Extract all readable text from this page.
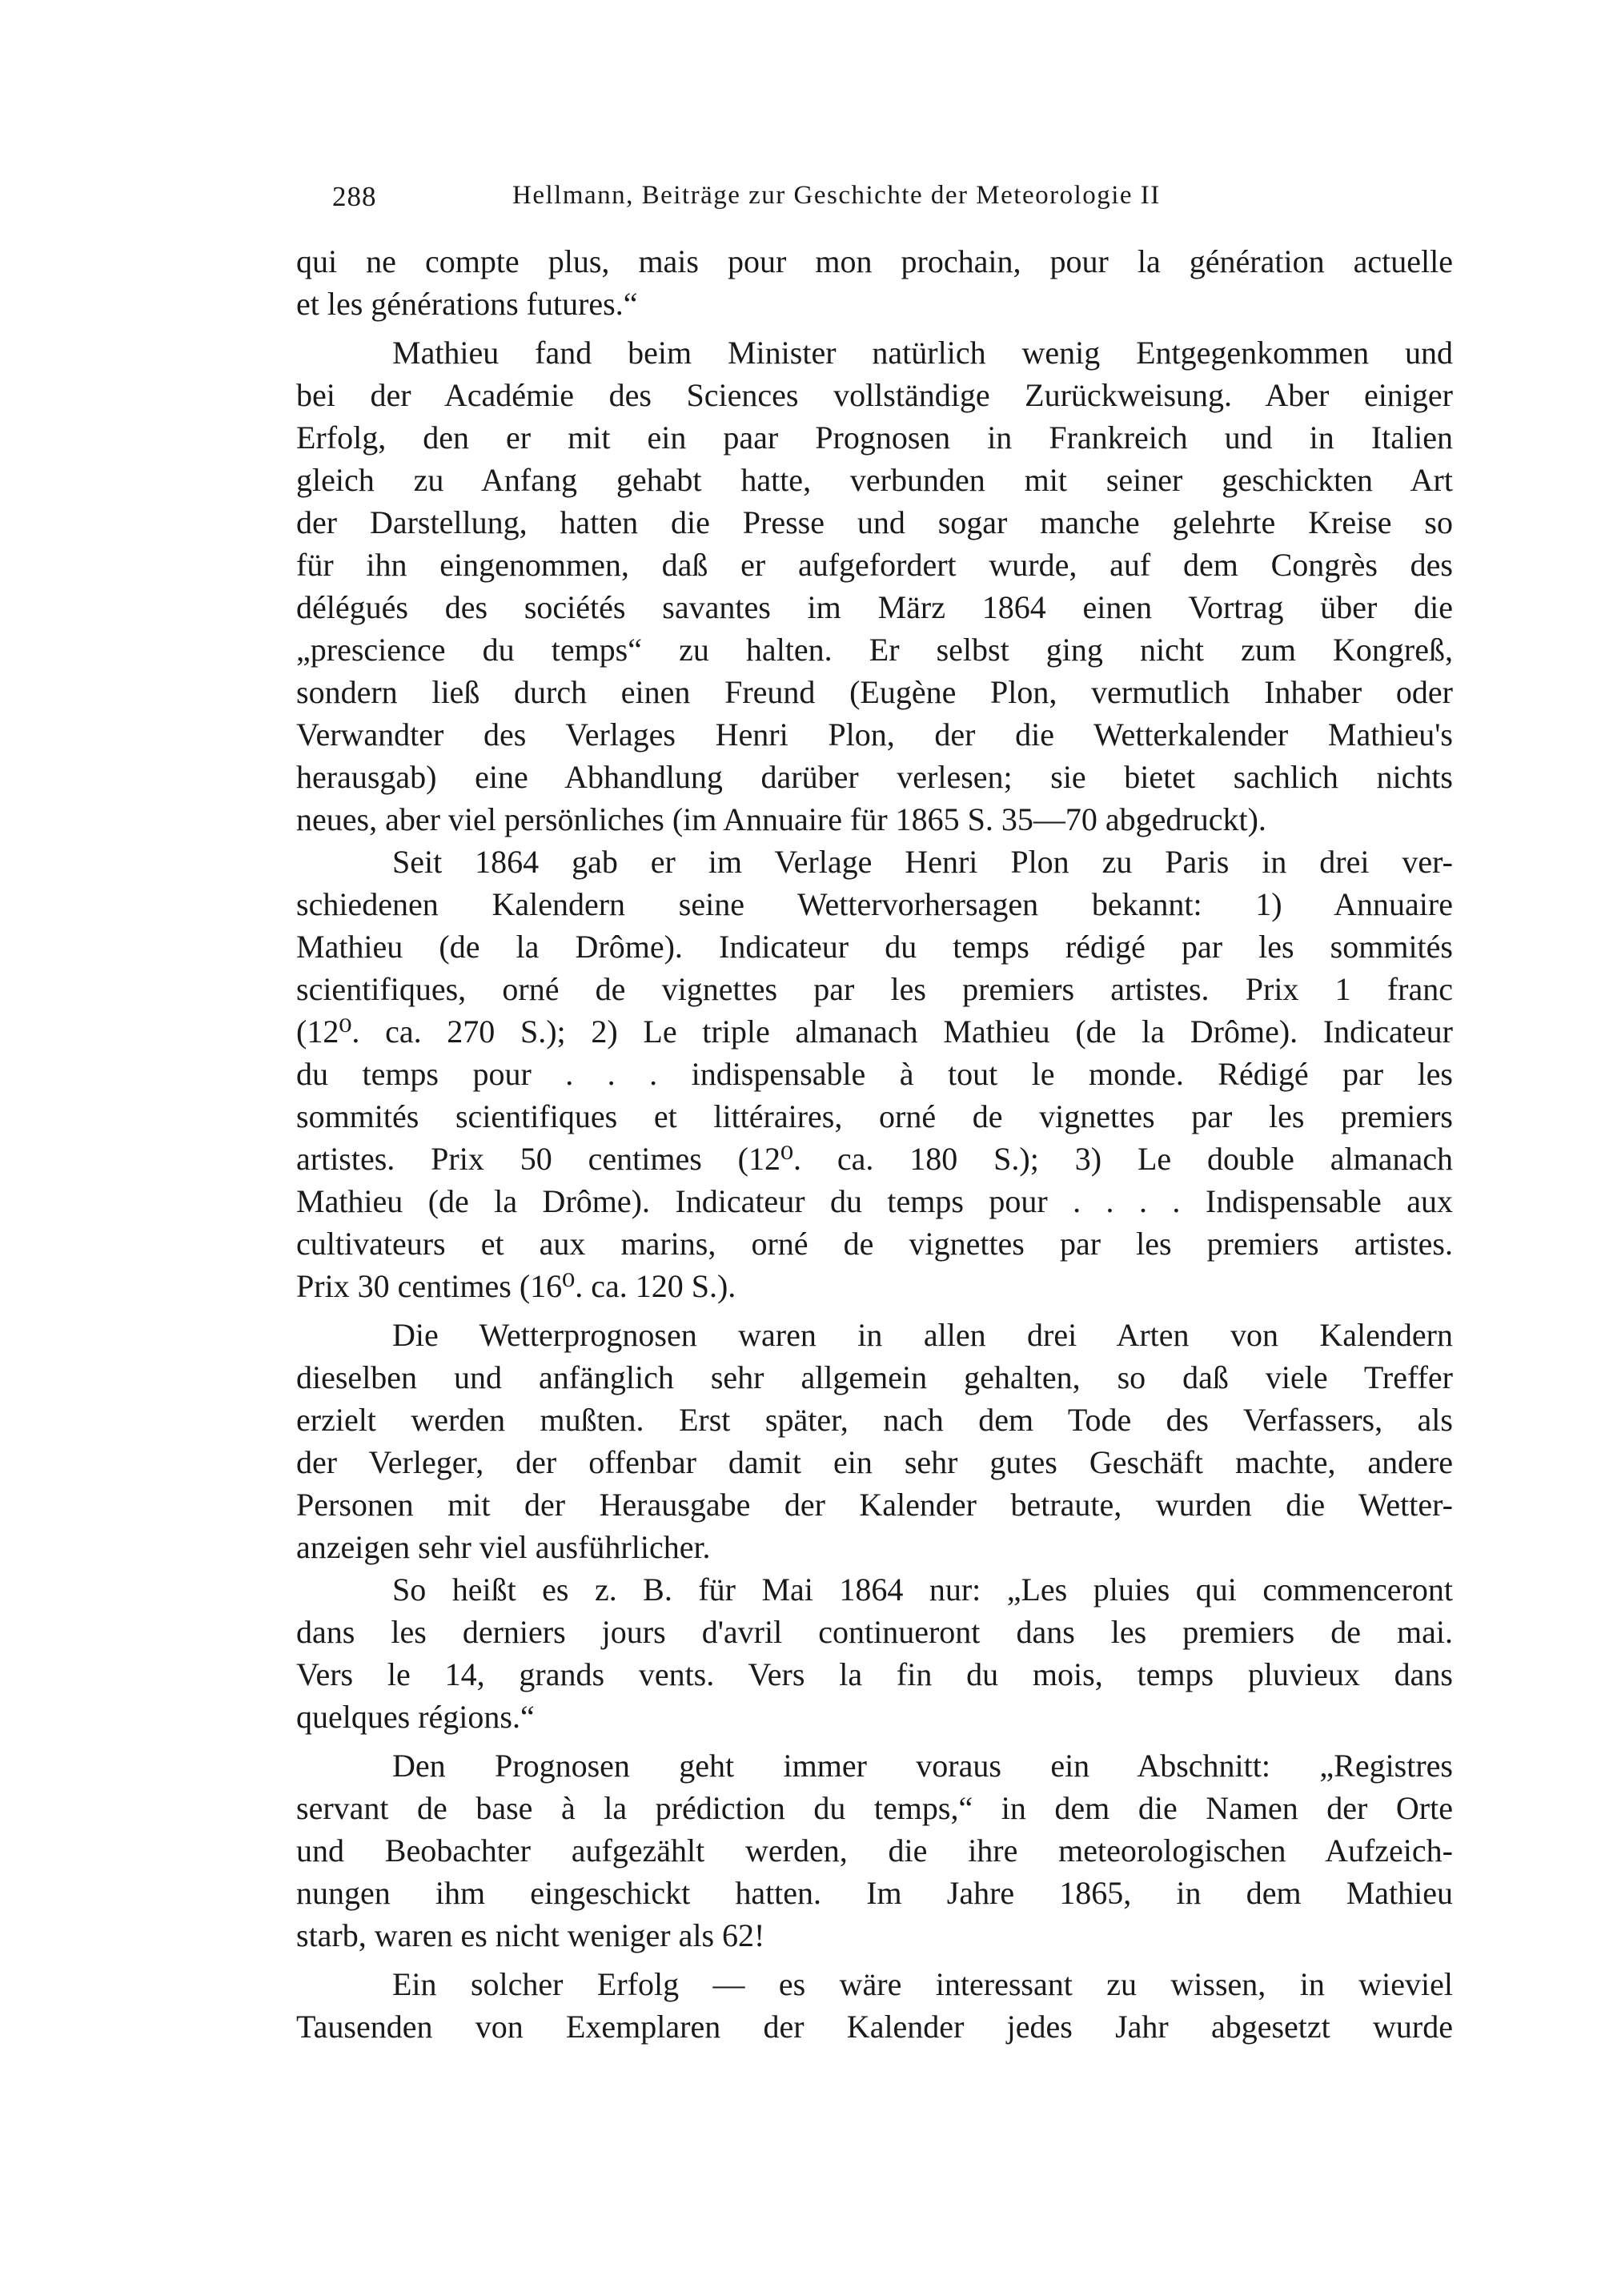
288	Hellmann, Beiträge zur Geschichte der Meteorologie II
qui ne compte plus, mais pour mon prochain, pour la génération actuelle
et les générations futures.“
Mathieu fand beim Minister natürlich wenig Entgegenkommen und
bei der Académie des Sciences vollständige Zurückweisung. Aber einiger
Erfolg, den er mit ein paar Prognosen in Frankreich und in Italien
gleich zu Anfang gehabt hatte, verbunden mit seiner geschickten Art
der Darstellung, hatten die Presse und sogar manche gelehrte Kreise so
für ihn eingenommen, daß er aufgefordert wurde, auf dem Congrès des
délégués des sociétés savantes im März 1864 einen Vortrag über die
„prescience du temps“ zu halten. Er selbst ging nicht zum Kongreß,
sondern ließ durch einen Freund (Eugène Plon, vermutlich Inhaber oder
Verwandter des Verlages Henri Plon, der die Wetterkalender Mathieu's
herausgab) eine Abhandlung darüber verlesen; sie bietet sachlich nichts
neues, aber viel persönliches (im Annuaire für 1865 S. 35—70 abgedruckt).
Seit 1864 gab er im Verlage Henri Plon zu Paris in drei ver-
schiedenen Kalendern seine Wettervorhersagen bekannt: 1) Annuaire
Mathieu (de la Drôme). Indicateur du temps rédigé par les sommités
scientifiques, orné de vignettes par les premiers artistes. Prix 1 franc
(12⁰. ca. 270 S.); 2) Le triple almanach Mathieu (de la Drôme). Indicateur
du temps pour . . . indispensable à tout le monde. Rédigé par les
sommités scientifiques et littéraires, orné de vignettes par les premiers
artistes. Prix 50 centimes (12⁰. ca. 180 S.); 3) Le double almanach
Mathieu (de la Drôme). Indicateur du temps pour . . . . Indispensable aux
cultivateurs et aux marins, orné de vignettes par les premiers artistes.
Prix 30 centimes (16⁰. ca. 120 S.).
Die Wetterprognosen waren in allen drei Arten von Kalendern
dieselben und anfänglich sehr allgemein gehalten, so daß viele Treffer
erzielt werden mußten. Erst später, nach dem Tode des Verfassers, als
der Verleger, der offenbar damit ein sehr gutes Geschäft machte, andere
Personen mit der Herausgabe der Kalender betraute, wurden die Wetter-
anzeigen sehr viel ausführlicher.
So heißt es z. B. für Mai 1864 nur: „Les pluies qui commenceront
dans les derniers jours d'avril continueront dans les premiers de mai.
Vers le 14, grands vents. Vers la fin du mois, temps pluvieux dans
quelques régions.“
Den Prognosen geht immer voraus ein Abschnitt: „Registres
servant de base à la prédiction du temps,“ in dem die Namen der Orte
und Beobachter aufgezählt werden, die ihre meteorologischen Aufzeich-
nungen ihm eingeschickt hatten. Im Jahre 1865, in dem Mathieu
starb, waren es nicht weniger als 62!
Ein solcher Erfolg — es wäre interessant zu wissen, in wieviel
Tausenden von Exemplaren der Kalender jedes Jahr abgesetzt wurde
